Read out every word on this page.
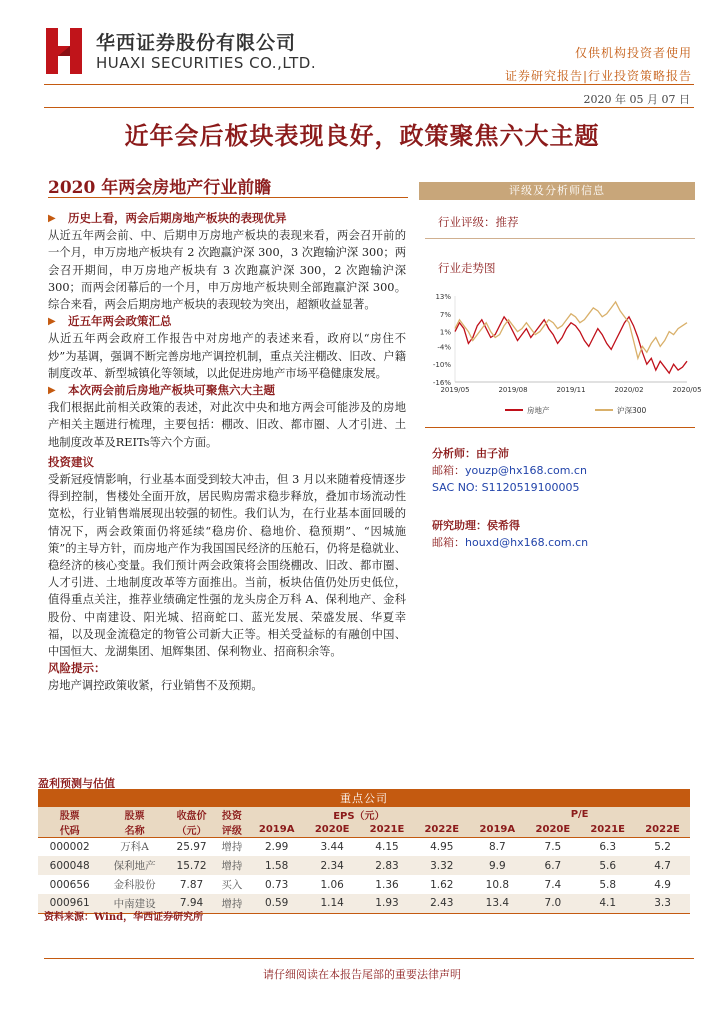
华西证券股份有限公司
HUAXI SECURITIES CO.,LTD.
仅供机构投资者使用
证券研究报告|行业投资策略报告
2020 年 05 月 07 日
近年会后板块表现良好，政策聚焦六大主题
2020 年两会房地产行业前瞻
▶ 历史上看，两会后期房地产板块的表现优异
从近五年两会前、中、后期申万房地产板块的表现来看，两会召开前的一个月，申万房地产板块有 2 次跑赢沪深 300，3 次跑输沪深 300；两会召开期间，申万房地产板块有 3 次跑赢沪深 300，2 次跑输沪深 300；而两会闭幕后的一个月，申万房地产板块则全部跑赢沪深 300。综合来看，两会后期房地产板块的表现较为突出，超额收益显著。
▶ 近五年两会政策汇总
从近五年两会政府工作报告中对房地产的表述来看，政府以“房住不炒”为基调，强调不断完善房地产调控机制，重点关注棚改、旧改、户籍制度改革、新型城镇化等领域，以此促进房地产市场平稳健康发展。
▶ 本次两会前后房地产板块可聚焦六大主题
我们根据此前相关政策的表述，对此次中央和地方两会可能涉及的房地产相关主题进行梳理，主要包括：棚改、旧改、都市圈、人才引进、土地制度改革及REITs等六个方面。
投资建议
受新冠疫情影响，行业基本面受到较大冲击，但 3 月以来随着疫情逐步得到控制，售楼处全面开放，居民购房需求稳步释放，叠加市场流动性宽松，行业销售端展现出较强的韧性。我们认为，在行业基本面回暖的情况下，两会政策面仍将延续“稳房价、稳地价、稳预期”、“因城施策”的主导方针，而房地产作为我国国民经济的压舱石，仍将是稳就业、稳经济的核心变量。我们预计两会政策将会围绕棚改、旧改、都市圈、人才引进、土地制度改革等方面推出。当前，板块估值仍处历史低位，值得重点关注，推荐业绩确定性强的龙头房企万科 A、保利地产、金科股份、中南建设、阳光城、招商蛇口、蓝光发展、荣盛发展、华夏幸福，以及现金流稳定的物管公司新大正等。相关受益标的有融创中国、中国恒大、龙湖集团、旭辉集团、保利物业、招商积余等。
风险提示：
房地产调控政策收紧，行业销售不及预期。
评级及分析师信息
行业评级：推荐
行业走势图
13%
7%
1%
-4%
-10%
-16%
2019/05	2019/08	2019/11	2020/02	2020/05
房地产	沪深300
分析师：由子沛
邮箱：youzp@hx168.com.cn
SAC NO: S1120519100005
研究助理：侯希得
邮箱：houxd@hx168.com.cn
盈利预测与估值
重点公司											
股票	股票	收盘价	投资	EPS（元）				P/E			
代码	名称	（元）	评级	2019A	2020E	2021E	2022E	2019A	2020E	2021E	2022E
000002	万科A	25.97	增持	2.99	3.44	4.15	4.95	8.7	7.5	6.3	5.2
600048	保利地产	15.72	增持	1.58	2.34	2.83	3.32	9.9	6.7	5.6	4.7
000656	金科股份	7.87	买入	0.73	1.06	1.36	1.62	10.8	7.4	5.8	4.9
000961	中南建设	7.94	增持	0.59	1.14	1.93	2.43	13.4	7.0	4.1	3.3
资料来源：Wind，华西证券研究所
请仔细阅读在本报告尾部的重要法律声明
